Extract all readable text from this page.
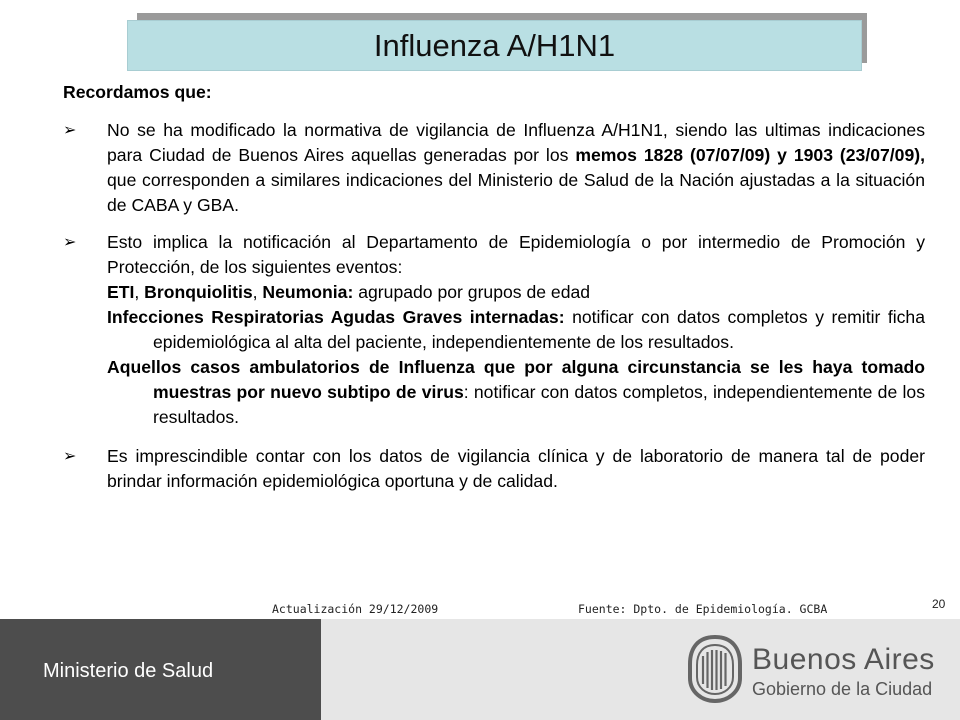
Influenza A/H1N1
Recordamos que:
➢ No se ha modificado la normativa de vigilancia de Influenza A/H1N1, siendo las ultimas indicaciones para Ciudad de Buenos Aires aquellas generadas por los memos 1828 (07/07/09) y 1903 (23/07/09), que corresponden a similares indicaciones del Ministerio de Salud de la Nación ajustadas a la situación de CABA y GBA.
➢ Esto implica la notificación al Departamento de Epidemiología o por intermedio de Promoción y Protección, de los siguientes eventos:
ETI, Bronquiolitis, Neumonia: agrupado por grupos de edad
Infecciones Respiratorias Agudas Graves internadas: notificar con datos completos y remitir ficha epidemiológica al alta del paciente, independientemente de los resultados.
Aquellos casos ambulatorios de Influenza que por alguna circunstancia se les haya tomado muestras por nuevo subtipo de virus: notificar con datos completos, independientemente de los resultados.
➢ Es imprescindible contar con los datos de vigilancia clínica y de laboratorio de manera tal de poder brindar información epidemiológica oportuna y de calidad.
Actualización 29/12/2009	Fuente: Dpto. de Epidemiología. GCBA	20
Ministerio de Salud	Buenos Aires
Gobierno de la Ciudad
